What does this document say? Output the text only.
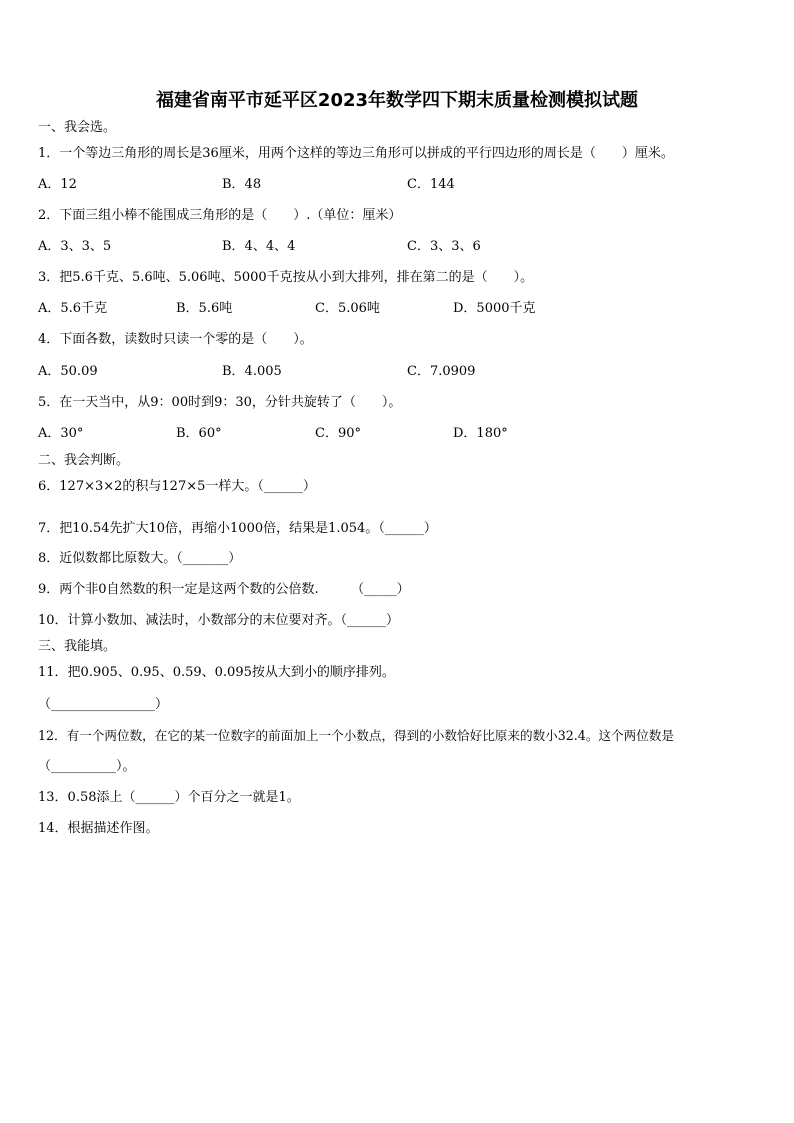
福建省南平市延平区2023年数学四下期末质量检测模拟试题
一、我会选。
1．一个等边三角形的周长是36厘米，用两个这样的等边三角形可以拼成的平行四边形的周长是（　　）厘米。
A．12	B．48	C．144
2．下面三组小棒不能围成三角形的是（　　）.（单位：厘米）
A．3、3、5	B．4、4、4	C．3、3、6
3．把5.6千克、5.6吨、5.06吨、5000千克按从小到大排列，排在第二的是（　　）。
A．5.6千克	B．5.6吨	C．5.06吨	D．5000千克
4．下面各数，读数时只读一个零的是（　　）。
A．50.09	B．4.005	C．7.0909
5．在一天当中，从9：00时到9：30，分针共旋转了（　　）。
A．30°	B．60°	C．90°	D．180°
二、我会判断。
6．127×3×2的积与127×5一样大。（______）
7．把10.54先扩大10倍，再缩小1000倍，结果是1.054。（______）
8．近似数都比原数大。（_______）
9．两个非0自然数的积一定是这两个数的公倍数.　　　（_____）
10．计算小数加、减法时，小数部分的末位要对齐。（______）
三、我能填。
11．把0.905、0.95、0.59、0.095按从大到小的顺序排列。
（________________）
12．有一个两位数，在它的某一位数字的前面加上一个小数点，得到的小数恰好比原来的数小32.4。这个两位数是
（__________）。
13．0.58添上（______）个百分之一就是1。
14．根据描述作图。
